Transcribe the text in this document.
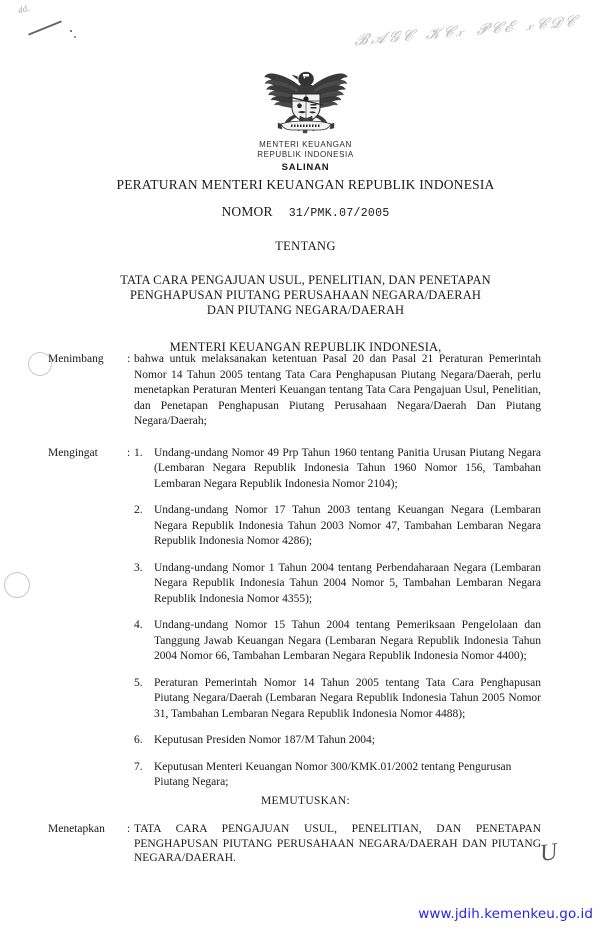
dd.
 𝓑𝓐𝓖𝓒 𝓚𝓒𝓍 𝓟𝓒𝓔 𝓍𝓒𝓓𝓒
MENTERI KEUANGAN
REPUBLIK INDONESIA
SALINAN
PERATURAN MENTERI KEUANGAN REPUBLIK INDONESIA
NOMOR 31/PMK.07/2005
TENTANG
TATA CARA PENGAJUAN USUL, PENELITIAN, DAN PENETAPAN
PENGHAPUSAN PIUTANG PERUSAHAAN NEGARA/DAERAH
DAN PIUTANG NEGARA/DAERAH
MENTERI KEUANGAN REPUBLIK INDONESIA,
Menimbang	: bahwa untuk melaksanakan ketentuan Pasal 20 dan Pasal 21 Peraturan Pemerintah Nomor 14 Tahun 2005 tentang Tata Cara Penghapusan Piutang Negara/Daerah, perlu menetapkan Peraturan Menteri Keuangan tentang Tata Cara Pengajuan Usul, Penelitian, dan Penetapan Penghapusan Piutang Perusahaan Negara/Daerah Dan Piutang Negara/Daerah;
Mengingat	: 1. Undang-undang Nomor 49 Prp Tahun 1960 tentang Panitia Urusan Piutang Negara (Lembaran Negara Republik Indonesia Tahun 1960 Nomor 156, Tambahan Lembaran Negara Republik Indonesia Nomor 2104);
2. Undang-undang Nomor 17 Tahun 2003 tentang Keuangan Negara (Lembaran Negara Republik Indonesia Tahun 2003 Nomor 47, Tambahan Lembaran Negara Republik Indonesia Nomor 4286);
3. Undang-undang Nomor 1 Tahun 2004 tentang Perbendaharaan Negara (Lembaran Negara Republik Indonesia Tahun 2004 Nomor 5, Tambahan Lembaran Negara Republik Indonesia Nomor 4355);
4. Undang-undang Nomor 15 Tahun 2004 tentang Pemeriksaan Pengelolaan dan Tanggung Jawab Keuangan Negara (Lembaran Negara Republik Indonesia Tahun 2004 Nomor 66, Tambahan Lembaran Negara Republik Indonesia Nomor 4400);
5. Peraturan Pemerintah Nomor 14 Tahun 2005 tentang Tata Cara Penghapusan Piutang Negara/Daerah (Lembaran Negara Republik Indonesia Tahun 2005 Nomor 31, Tambahan Lembaran Negara Republik Indonesia Nomor 4488);
6. Keputusan Presiden Nomor 187/M Tahun 2004;
7. Keputusan Menteri Keuangan Nomor 300/KMK.01/2002 tentang Pengurusan Piutang Negara;
MEMUTUSKAN:
Menetapkan	: TATA CARA PENGAJUAN USUL, PENELITIAN, DAN PENETAPAN PENGHAPUSAN PIUTANG PERUSAHAAN NEGARA/DAERAH DAN PIUTANG NEGARA/DAERAH.	U
www.jdih.kemenkeu.go.id
